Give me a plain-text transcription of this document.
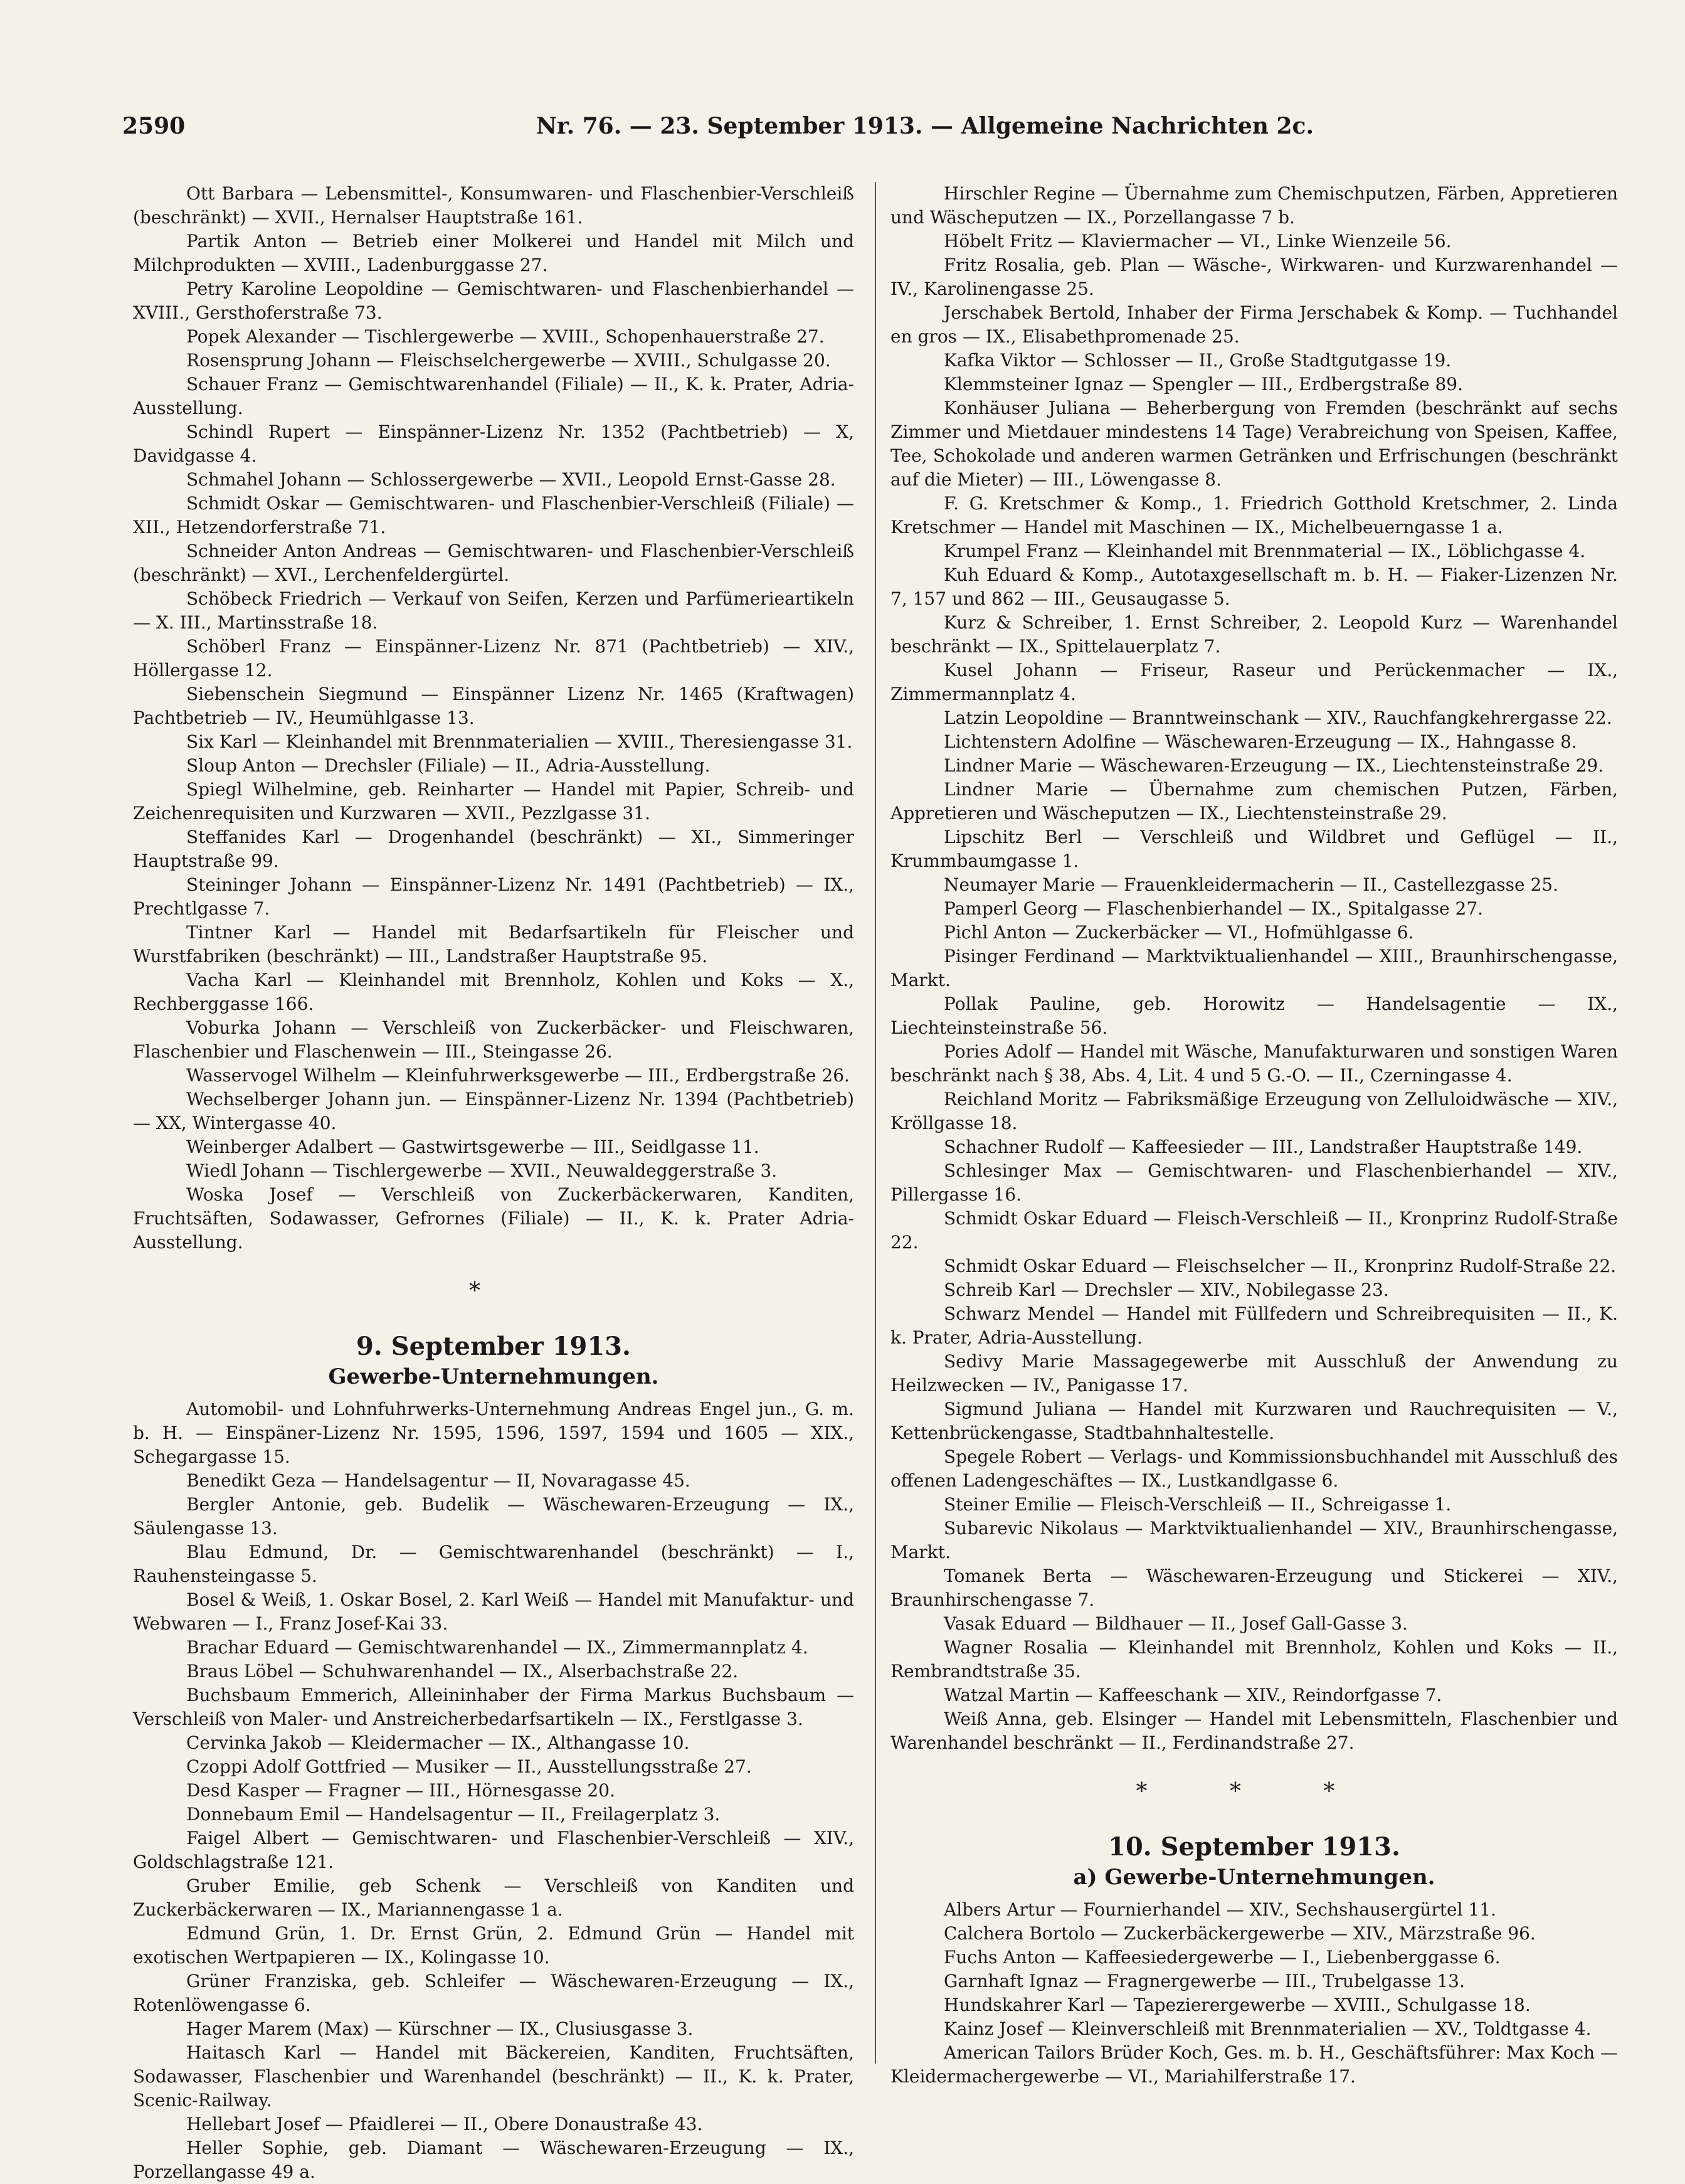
2590	Nr. 76. — 23. September 1913. — Allgemeine Nachrichten 2c.

Ott Barbara — Lebensmittel-, Konsumwaren- und Flaschenbier-Verschleiß (beschränkt) — XVII., Hernalser Hauptstraße 161.

Partik Anton — Betrieb einer Molkerei und Handel mit Milch und Milchprodukten — XVIII., Ladenburggasse 27.

Petry Karoline Leopoldine — Gemischtwaren- und Flaschenbierhandel — XVIII., Gersthoferstraße 73.

Popek Alexander — Tischlergewerbe — XVIII., Schopenhauerstraße 27.

Rosensprung Johann — Fleischselchergewerbe — XVIII., Schulgasse 20.

Schauer Franz — Gemischtwarenhandel (Filiale) — II., K. k. Prater, Adria-Ausstellung.

Schindl Rupert — Einspänner-Lizenz Nr. 1352 (Pachtbetrieb) — X, Davidgasse 4.

Schmahel Johann — Schlossergewerbe — XVII., Leopold Ernst-Gasse 28.

Schmidt Oskar — Gemischtwaren- und Flaschenbier-Verschleiß (Filiale) — XII., Hetzendorferstraße 71.

Schneider Anton Andreas — Gemischtwaren- und Flaschenbier-Verschleiß (beschränkt) — XVI., Lerchenfeldergürtel.

Schöbeck Friedrich — Verkauf von Seifen, Kerzen und Parfümerieartikeln — X. III., Martinsstraße 18.

Schöberl Franz — Einspänner-Lizenz Nr. 871 (Pachtbetrieb) — XIV., Höllergasse 12.

Siebenschein Siegmund — Einspänner Lizenz Nr. 1465 (Kraftwagen) Pachtbetrieb — IV., Heumühlgasse 13.

Six Karl — Kleinhandel mit Brennmaterialien — XVIII., Theresiengasse 31.

Sloup Anton — Drechsler (Filiale) — II., Adria-Ausstellung.

Spiegl Wilhelmine, geb. Reinharter — Handel mit Papier, Schreib- und Zeichenrequisiten und Kurzwaren — XVII., Pezzlgasse 31.

Steffanides Karl — Drogenhandel (beschränkt) — XI., Simmeringer Hauptstraße 99.

Steininger Johann — Einspänner-Lizenz Nr. 1491 (Pachtbetrieb) — IX., Prechtlgasse 7.

Tintner Karl — Handel mit Bedarfsartikeln für Fleischer und Wurstfabriken (beschränkt) — III., Landstraßer Hauptstraße 95.

Vacha Karl — Kleinhandel mit Brennholz, Kohlen und Koks — X., Rechberggasse 166.

Voburka Johann — Verschleiß von Zuckerbäcker- und Fleischwaren, Flaschenbier und Flaschenwein — III., Steingasse 26.

Wasservogel Wilhelm — Kleinfuhrwerksgewerbe — III., Erdbergstraße 26.

Wechselberger Johann jun. — Einspänner-Lizenz Nr. 1394 (Pachtbetrieb) — XX, Wintergasse 40.

Weinberger Adalbert — Gastwirtsgewerbe — III., Seidlgasse 11.

Wiedl Johann — Tischlergewerbe — XVII., Neuwaldeggerstraße 3.

Woska Josef — Verschleiß von Zuckerbäckerwaren, Kanditen, Fruchtsäften, Sodawasser, Gefrornes (Filiale) — II., K. k. Prater Adria-Ausstellung.

*
9. September 1913.
Gewerbe-Unternehmungen.

Automobil- und Lohnfuhrwerks-Unternehmung Andreas Engel jun., G. m. b. H. — Einspäner-Lizenz Nr. 1595, 1596, 1597, 1594 und 1605 — XIX., Schegargasse 15.

Benedikt Geza — Handelsagentur — II, Novaragasse 45.

Bergler Antonie, geb. Budelik — Wäschewaren-Erzeugung — IX., Säulengasse 13.

Blau Edmund, Dr. — Gemischtwarenhandel (beschränkt) — I., Rauhensteingasse 5.

Bosel & Weiß, 1. Oskar Bosel, 2. Karl Weiß — Handel mit Manufaktur- und Webwaren — I., Franz Josef-Kai 33.

Brachar Eduard — Gemischtwarenhandel — IX., Zimmermannplatz 4.

Braus Löbel — Schuhwarenhandel — IX., Alserbachstraße 22.

Buchsbaum Emmerich, Alleininhaber der Firma Markus Buchsbaum — Verschleiß von Maler- und Anstreicherbedarfsartikeln — IX., Ferstlgasse 3.

Cervinka Jakob — Kleidermacher — IX., Althangasse 10.

Czoppi Adolf Gottfried — Musiker — II., Ausstellungsstraße 27.

Desd Kasper — Fragner — III., Hörnesgasse 20.

Donnebaum Emil — Handelsagentur — II., Freilagerplatz 3.

Faigel Albert — Gemischtwaren- und Flaschenbier-Verschleiß — XIV., Goldschlagstraße 121.

Gruber Emilie, geb Schenk — Verschleiß von Kanditen und Zuckerbäckerwaren — IX., Mariannengasse 1 a.

Edmund Grün, 1. Dr. Ernst Grün, 2. Edmund Grün — Handel mit exotischen Wertpapieren — IX., Kolingasse 10.

Grüner Franziska, geb. Schleifer — Wäschewaren-Erzeugung — IX., Rotenlöwengasse 6.

Hager Marem (Max) — Kürschner — IX., Clusiusgasse 3.

Haitasch Karl — Handel mit Bäckereien, Kanditen, Fruchtsäften, Sodawasser, Flaschenbier und Warenhandel (beschränkt) — II., K. k. Prater, Scenic-Railway.

Hellebart Josef — Pfaidlerei — II., Obere Donaustraße 43.

Heller Sophie, geb. Diamant — Wäschewaren-Erzeugung — IX., Porzellangasse 49 a.

Hirschler Regine — Übernahme zum Chemischputzen, Färben, Appretieren und Wäscheputzen — IX., Porzellangasse 7 b.

Höbelt Fritz — Klaviermacher — VI., Linke Wienzeile 56.

Fritz Rosalia, geb. Plan — Wäsche-, Wirkwaren- und Kurzwarenhandel — IV., Karolinengasse 25.

Jerschabek Bertold, Inhaber der Firma Jerschabek & Komp. — Tuchhandel en gros — IX., Elisabethpromenade 25.

Kafka Viktor — Schlosser — II., Große Stadtgutgasse 19.

Klemmsteiner Ignaz — Spengler — III., Erdbergstraße 89.

Konhäuser Juliana — Beherbergung von Fremden (beschränkt auf sechs Zimmer und Mietdauer mindestens 14 Tage) Verabreichung von Speisen, Kaffee, Tee, Schokolade und anderen warmen Getränken und Erfrischungen (beschränkt auf die Mieter) — III., Löwengasse 8.

F. G. Kretschmer & Komp., 1. Friedrich Gotthold Kretschmer, 2. Linda Kretschmer — Handel mit Maschinen — IX., Michelbeuerngasse 1 a.

Krumpel Franz — Kleinhandel mit Brennmaterial — IX., Löblichgasse 4.

Kuh Eduard & Komp., Autotaxgesellschaft m. b. H. — Fiaker-Lizenzen Nr. 7, 157 und 862 — III., Geusaugasse 5.

Kurz & Schreiber, 1. Ernst Schreiber, 2. Leopold Kurz — Warenhandel beschränkt — IX., Spittelauerplatz 7.

Kusel Johann — Friseur, Raseur und Perückenmacher — IX., Zimmermannplatz 4.

Latzin Leopoldine — Branntweinschank — XIV., Rauchfangkehrergasse 22.

Lichtenstern Adolfine — Wäschewaren-Erzeugung — IX., Hahngasse 8.

Lindner Marie — Wäschewaren-Erzeugung — IX., Liechtensteinstraße 29.

Lindner Marie — Übernahme zum chemischen Putzen, Färben, Appretieren und Wäscheputzen — IX., Liechtensteinstraße 29.

Lipschitz Berl — Verschleiß und Wildbret und Geflügel — II., Krummbaumgasse 1.

Neumayer Marie — Frauenkleidermacherin — II., Castellezgasse 25.

Pamperl Georg — Flaschenbierhandel — IX., Spitalgasse 27.

Pichl Anton — Zuckerbäcker — VI., Hofmühlgasse 6.

Pisinger Ferdinand — Marktviktualienhandel — XIII., Braunhirschengasse, Markt.

Pollak Pauline, geb. Horowitz — Handelsagentie — IX., Liechteinsteinstraße 56.

Pories Adolf — Handel mit Wäsche, Manufakturwaren und sonstigen Waren beschränkt nach § 38, Abs. 4, Lit. 4 und 5 G.-O. — II., Czerningasse 4.

Reichland Moritz — Fabriksmäßige Erzeugung von Zelluloidwäsche — XIV., Kröllgasse 18.

Schachner Rudolf — Kaffeesieder — III., Landstraßer Hauptstraße 149.

Schlesinger Max — Gemischtwaren- und Flaschenbierhandel — XIV., Pillergasse 16.

Schmidt Oskar Eduard — Fleisch-Verschleiß — II., Kronprinz Rudolf-Straße 22.

Schmidt Oskar Eduard — Fleischselcher — II., Kronprinz Rudolf-Straße 22.

Schreib Karl — Drechsler — XIV., Nobilegasse 23.

Schwarz Mendel — Handel mit Füllfedern und Schreibrequisiten — II., K. k. Prater, Adria-Ausstellung.

Sedivy Marie Massagegewerbe mit Ausschluß der Anwendung zu Heilzwecken — IV., Panigasse 17.

Sigmund Juliana — Handel mit Kurzwaren und Rauchrequisiten — V., Kettenbrückengasse, Stadtbahnhaltestelle.

Spegele Robert — Verlags- und Kommissionsbuchhandel mit Ausschluß des offenen Ladengeschäftes — IX., Lustkandlgasse 6.

Steiner Emilie — Fleisch-Verschleiß — II., Schreigasse 1.

Subarevic Nikolaus — Marktviktualienhandel — XIV., Braunhirschengasse, Markt.

Tomanek Berta — Wäschewaren-Erzeugung und Stickerei — XIV., Braunhirschengasse 7.

Vasak Eduard — Bildhauer — II., Josef Gall-Gasse 3.

Wagner Rosalia — Kleinhandel mit Brennholz, Kohlen und Koks — II., Rembrandtstraße 35.

Watzal Martin — Kaffeeschank — XIV., Reindorfgasse 7.

Weiß Anna, geb. Elsinger — Handel mit Lebensmitteln, Flaschenbier und Warenhandel beschränkt — II., Ferdinandstraße 27.

* * *
10. September 1913.
a) Gewerbe-Unternehmungen.

Albers Artur — Fournierhandel — XIV., Sechshausergürtel 11.

Calchera Bortolo — Zuckerbäckergewerbe — XIV., Märzstraße 96.

Fuchs Anton — Kaffeesiedergewerbe — I., Liebenberggasse 6.

Garnhaft Ignaz — Fragnergewerbe — III., Trubelgasse 13.

Hundskahrer Karl — Tapezierergewerbe — XVIII., Schulgasse 18.

Kainz Josef — Kleinverschleiß mit Brennmaterialien — XV., Toldtgasse 4.

American Tailors Brüder Koch, Ges. m. b. H., Geschäftsführer: Max Koch — Kleidermachergewerbe — VI., Mariahilferstraße 17.
